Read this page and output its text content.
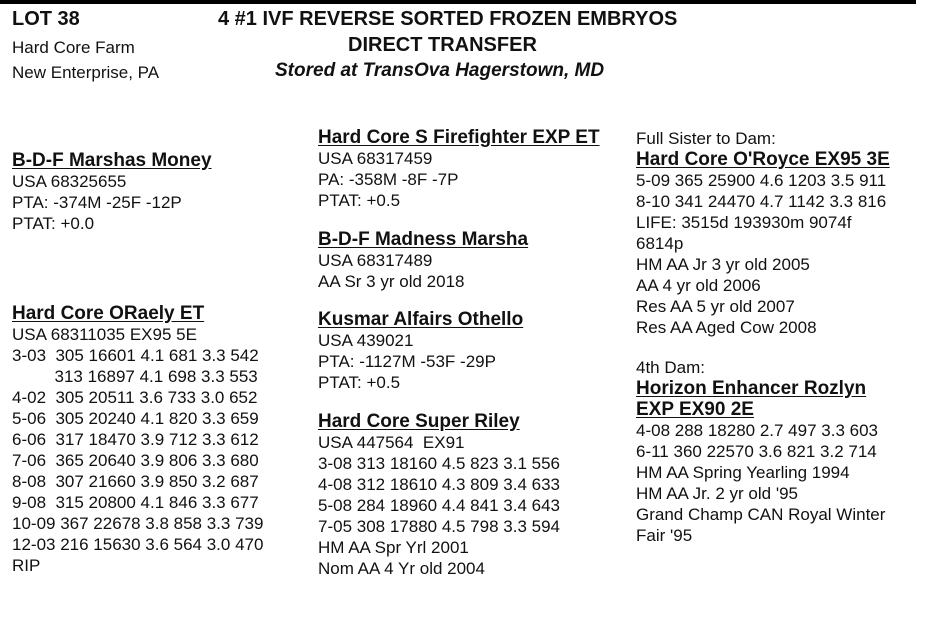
LOT 38
Hard Core Farm
New Enterprise, PA
4 #1 IVF REVERSE SORTED FROZEN EMBRYOS
DIRECT TRANSFER
Stored at TransOva Hagerstown, MD
B-D-F Marshas Money
USA 68325655
PTA: -374M -25F -12P
PTAT: +0.0
Hard Core ORaely ET
USA 68311035 EX95 5E
3-03  305 16601 4.1 681 3.3 542
313 16897 4.1 698 3.3 553
4-02  305 20511 3.6 733 3.0 652
5-06  305 20240 4.1 820 3.3 659
6-06  317 18470 3.9 712 3.3 612
7-06  365 20640 3.9 806 3.3 680
8-08  307 21660 3.9 850 3.2 687
9-08  315 20800 4.1 846 3.3 677
10-09 367 22678 3.8 858 3.3 739
12-03 216 15630 3.6 564 3.0 470
RIP
Hard Core S Firefighter EXP ET
USA 68317459
PA: -358M -8F -7P
PTAT: +0.5
B-D-F Madness Marsha
USA 68317489
AA Sr 3 yr old 2018
Kusmar Alfairs Othello
USA 439021
PTA: -1127M -53F -29P
PTAT: +0.5
Hard Core Super Riley
USA 447564  EX91
3-08 313 18160 4.5 823 3.1 556
4-08 312 18610 4.3 809 3.4 633
5-08 284 18960 4.4 841 3.4 643
7-05 308 17880 4.5 798 3.3 594
HM AA Spr Yrl 2001
Nom AA 4 Yr old 2004
Full Sister to Dam:
Hard Core O'Royce EX95 3E
5-09 365 25900 4.6 1203 3.5 911
8-10 341 24470 4.7 1142 3.3 816
LIFE: 3515d 193930m 9074f
6814p
HM AA Jr 3 yr old 2005
AA 4 yr old 2006
Res AA 5 yr old 2007
Res AA Aged Cow 2008
4th Dam:
Horizon Enhancer Rozlyn
EXP EX90 2E
4-08 288 18280 2.7 497 3.3 603
6-11 360 22570 3.6 821 3.2 714
HM AA Spring Yearling 1994
HM AA Jr. 2 yr old '95
Grand Champ CAN Royal Winter
Fair '95
